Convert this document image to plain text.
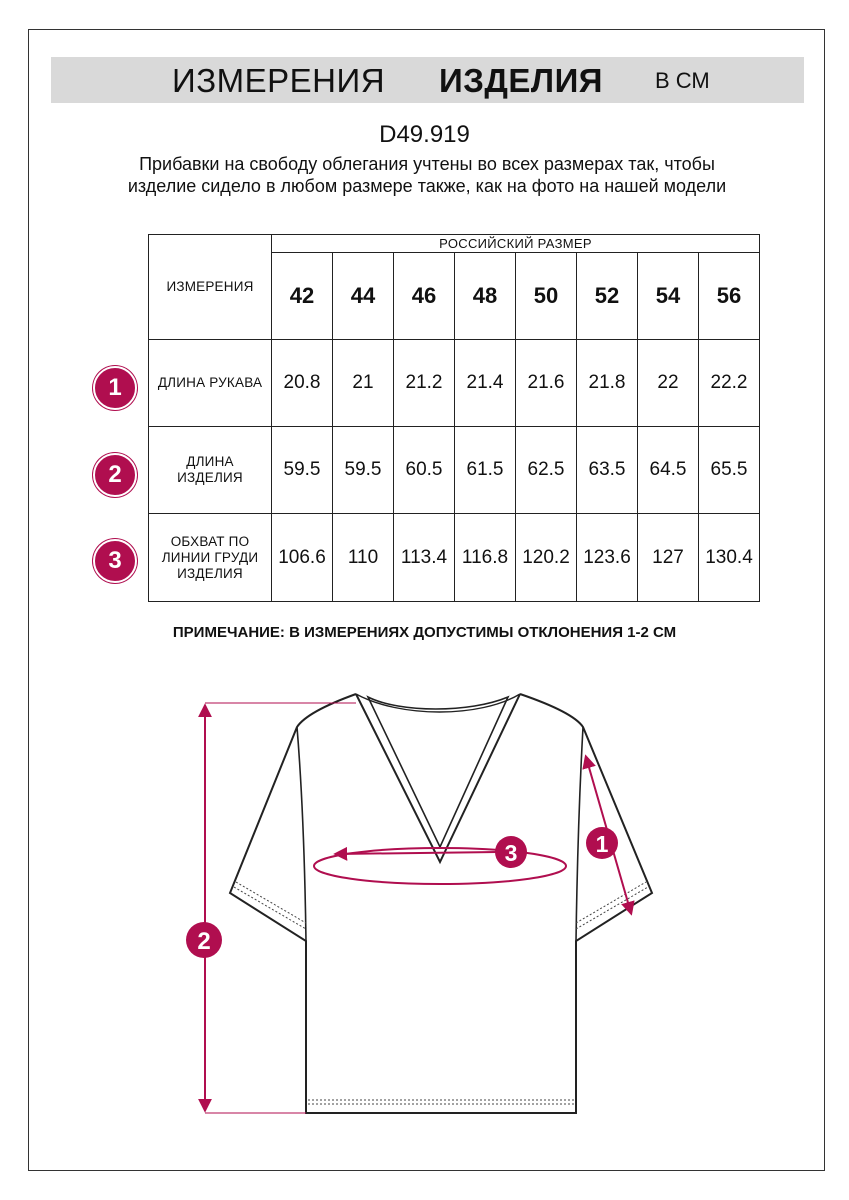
ИЗМЕРЕНИЯ ИЗДЕЛИЯ В СМ
D49.919
Прибавки на свободу облегания учтены во всех размерах так, чтобы изделие сидело в любом размере также, как на фото на нашей модели
ИЗМЕРЕНИЯ	РОССИЙСКИЙ РАЗМЕР							
	42	44	46	48	50	52	54	56
ДЛИНА РУКАВА	20.8	21	21.2	21.4	21.6	21.8	22	22.2
ДЛИНА ИЗДЕЛИЯ	59.5	59.5	60.5	61.5	62.5	63.5	64.5	65.5
ОБХВАТ ПО ЛИНИИ ГРУДИ ИЗДЕЛИЯ	106.6	110	113.4	116.8	120.2	123.6	127	130.4
1
2
3
ПРИМЕЧАНИЕ: В ИЗМЕРЕНИЯХ ДОПУСТИМЫ ОТКЛОНЕНИЯ 1-2 СМ
2
3	1
